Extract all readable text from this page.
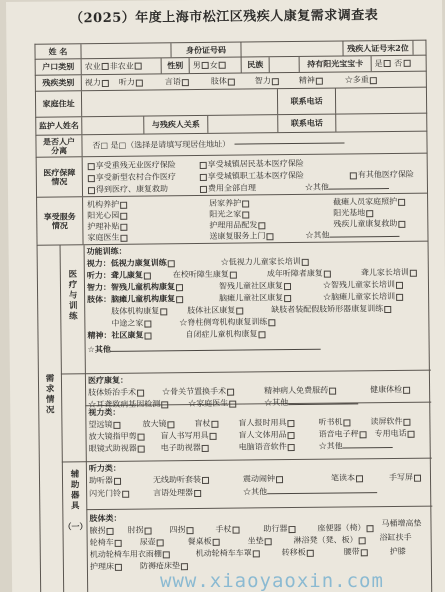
（2025）年度上海市松江区残疾人康复需求调查表
姓 名	身份证号码	残疾人证号末2位
户口类别	农业 非农业	性别	男 女	民族	持有阳光宝宝卡	是
否
残疾类别	视力	听力	言语	肢体	智力	精神	☆多重
家庭住址	联系电话
监护人姓名	与残疾人关系	联系电话
是否人户
分离	否□ 是□（选择是请填写现居住地址）
医疗保障
情况
享受重残无业医疗保险	享受城镇居民基本医疗保险
享受新型农村合作医疗	享受城镇职工基本医疗保险	有其他医疗保险
得到医疗、康复救助	费用全部自理	☆其他
享受服务
情况
机构养护	居家养护	截瘫人员家庭照护
阳光心园	阳光之家	阳光基地
护理补贴	护理用品配发	残疾儿童康复救助
家庭医生	送康复服务上门	☆其他
需求情况
医疗与训练
辅助器具
（一）
功能训练：
视力：低视力康复训练	☆低视力儿童家长培训
听力：聋儿康复	在校听障生康复	成年听障者康复	聋儿家长培训
智力：智残儿童机构康复	智残儿童社区康复	☆智残儿童家长培训
肢体：脑瘫儿童机构康复	脑瘫儿童社区康复	☆脑瘫儿童家长培训
肢体机构康复	肢体社区康复	缺肢者装配假肢矫形器康复训练
中途之家	☆脊柱侧弯机构康复训练
精神：社区康复	自闭症儿童机构康复
☆其他
医疗康复：
肢体矫治手术	☆骨关节置换手术	精神病人免费服药	健康体检
☆耳聋致病基因检测	☆家庭医生	☆其他
视力类：
望远镜	放大镜	盲杖	盲人报时用具	听书机	读屏软件
放大镜指甲剪	盲人书写用具	盲人文体用品	语音电子秤	专用电话
眼镜式助视器	电子助视器	电脑语音软件	☆其他
听力类：
助听器	无线助听套装	震动闹钟	笔读本	手写屏
闪光门铃	言语处理器	☆其他
肢体类：
腋拐	肘拐	四拐	手杖	助行器	座便器（椅）	马桶增高垫
轮椅车	尿壶	餐桌板	坐垫	淋浴凳（凳、板）	浴缸扶手
机动轮椅车用衣雨棚	机动轮椅车车罩	转移板	腰带	护膝
护理床	防褥疮床垫
www.xiaoyaoxin.com
